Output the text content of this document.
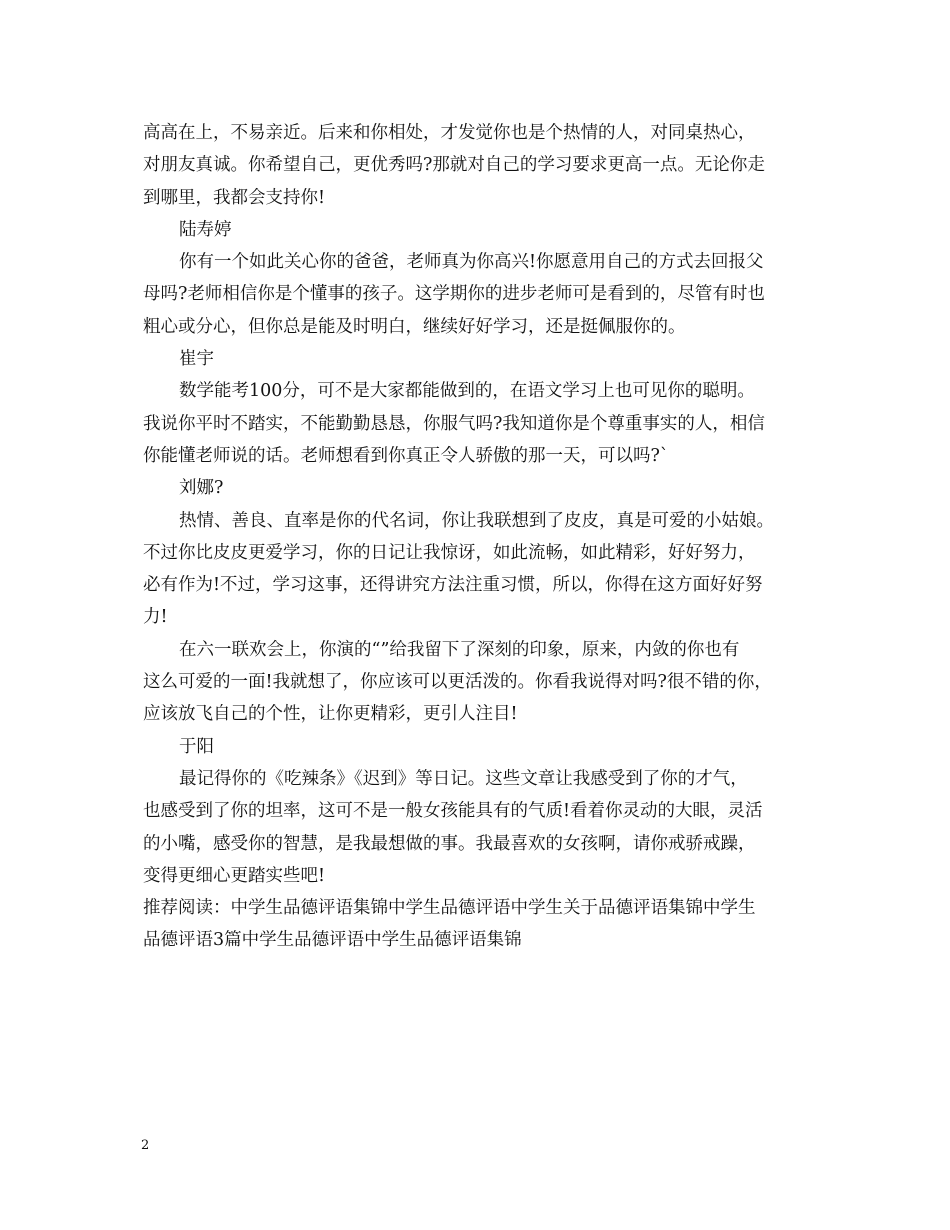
高高在上，不易亲近。后来和你相处，才发觉你也是个热情的人，对同桌热心，
对朋友真诚。你希望自己，更优秀吗?那就对自己的学习要求更高一点。无论你走
到哪里，我都会支持你!
陆寿婷
你有一个如此关心你的爸爸，老师真为你高兴!你愿意用自己的方式去回报父
母吗?老师相信你是个懂事的孩子。这学期你的进步老师可是看到的，尽管有时也
粗心或分心，但你总是能及时明白，继续好好学习，还是挺佩服你的。
崔宇
数学能考100分，可不是大家都能做到的，在语文学习上也可见你的聪明。
我说你平时不踏实，不能勤勤恳恳，你服气吗?我知道你是个尊重事实的人，相信
你能懂老师说的话。老师想看到你真正令人骄傲的那一天，可以吗?`
刘娜?
热情、善良、直率是你的代名词，你让我联想到了皮皮，真是可爱的小姑娘。
不过你比皮皮更爱学习，你的日记让我惊讶，如此流畅，如此精彩，好好努力，
必有作为!不过，学习这事，还得讲究方法注重习惯，所以，你得在这方面好好努
力!
在六一联欢会上，你演的“”给我留下了深刻的印象，原来，内敛的你也有
这么可爱的一面!我就想了，你应该可以更活泼的。你看我说得对吗?很不错的你，
应该放飞自己的个性，让你更精彩，更引人注目!
于阳
最记得你的《吃辣条》《迟到》等日记。这些文章让我感受到了你的才气，
也感受到了你的坦率，这可不是一般女孩能具有的气质!看着你灵动的大眼，灵活
的小嘴，感受你的智慧，是我最想做的事。我最喜欢的女孩啊，请你戒骄戒躁，
变得更细心更踏实些吧!
推荐阅读：中学生品德评语集锦中学生品德评语中学生关于品德评语集锦中学生
品德评语3篇中学生品德评语中学生品德评语集锦
2
